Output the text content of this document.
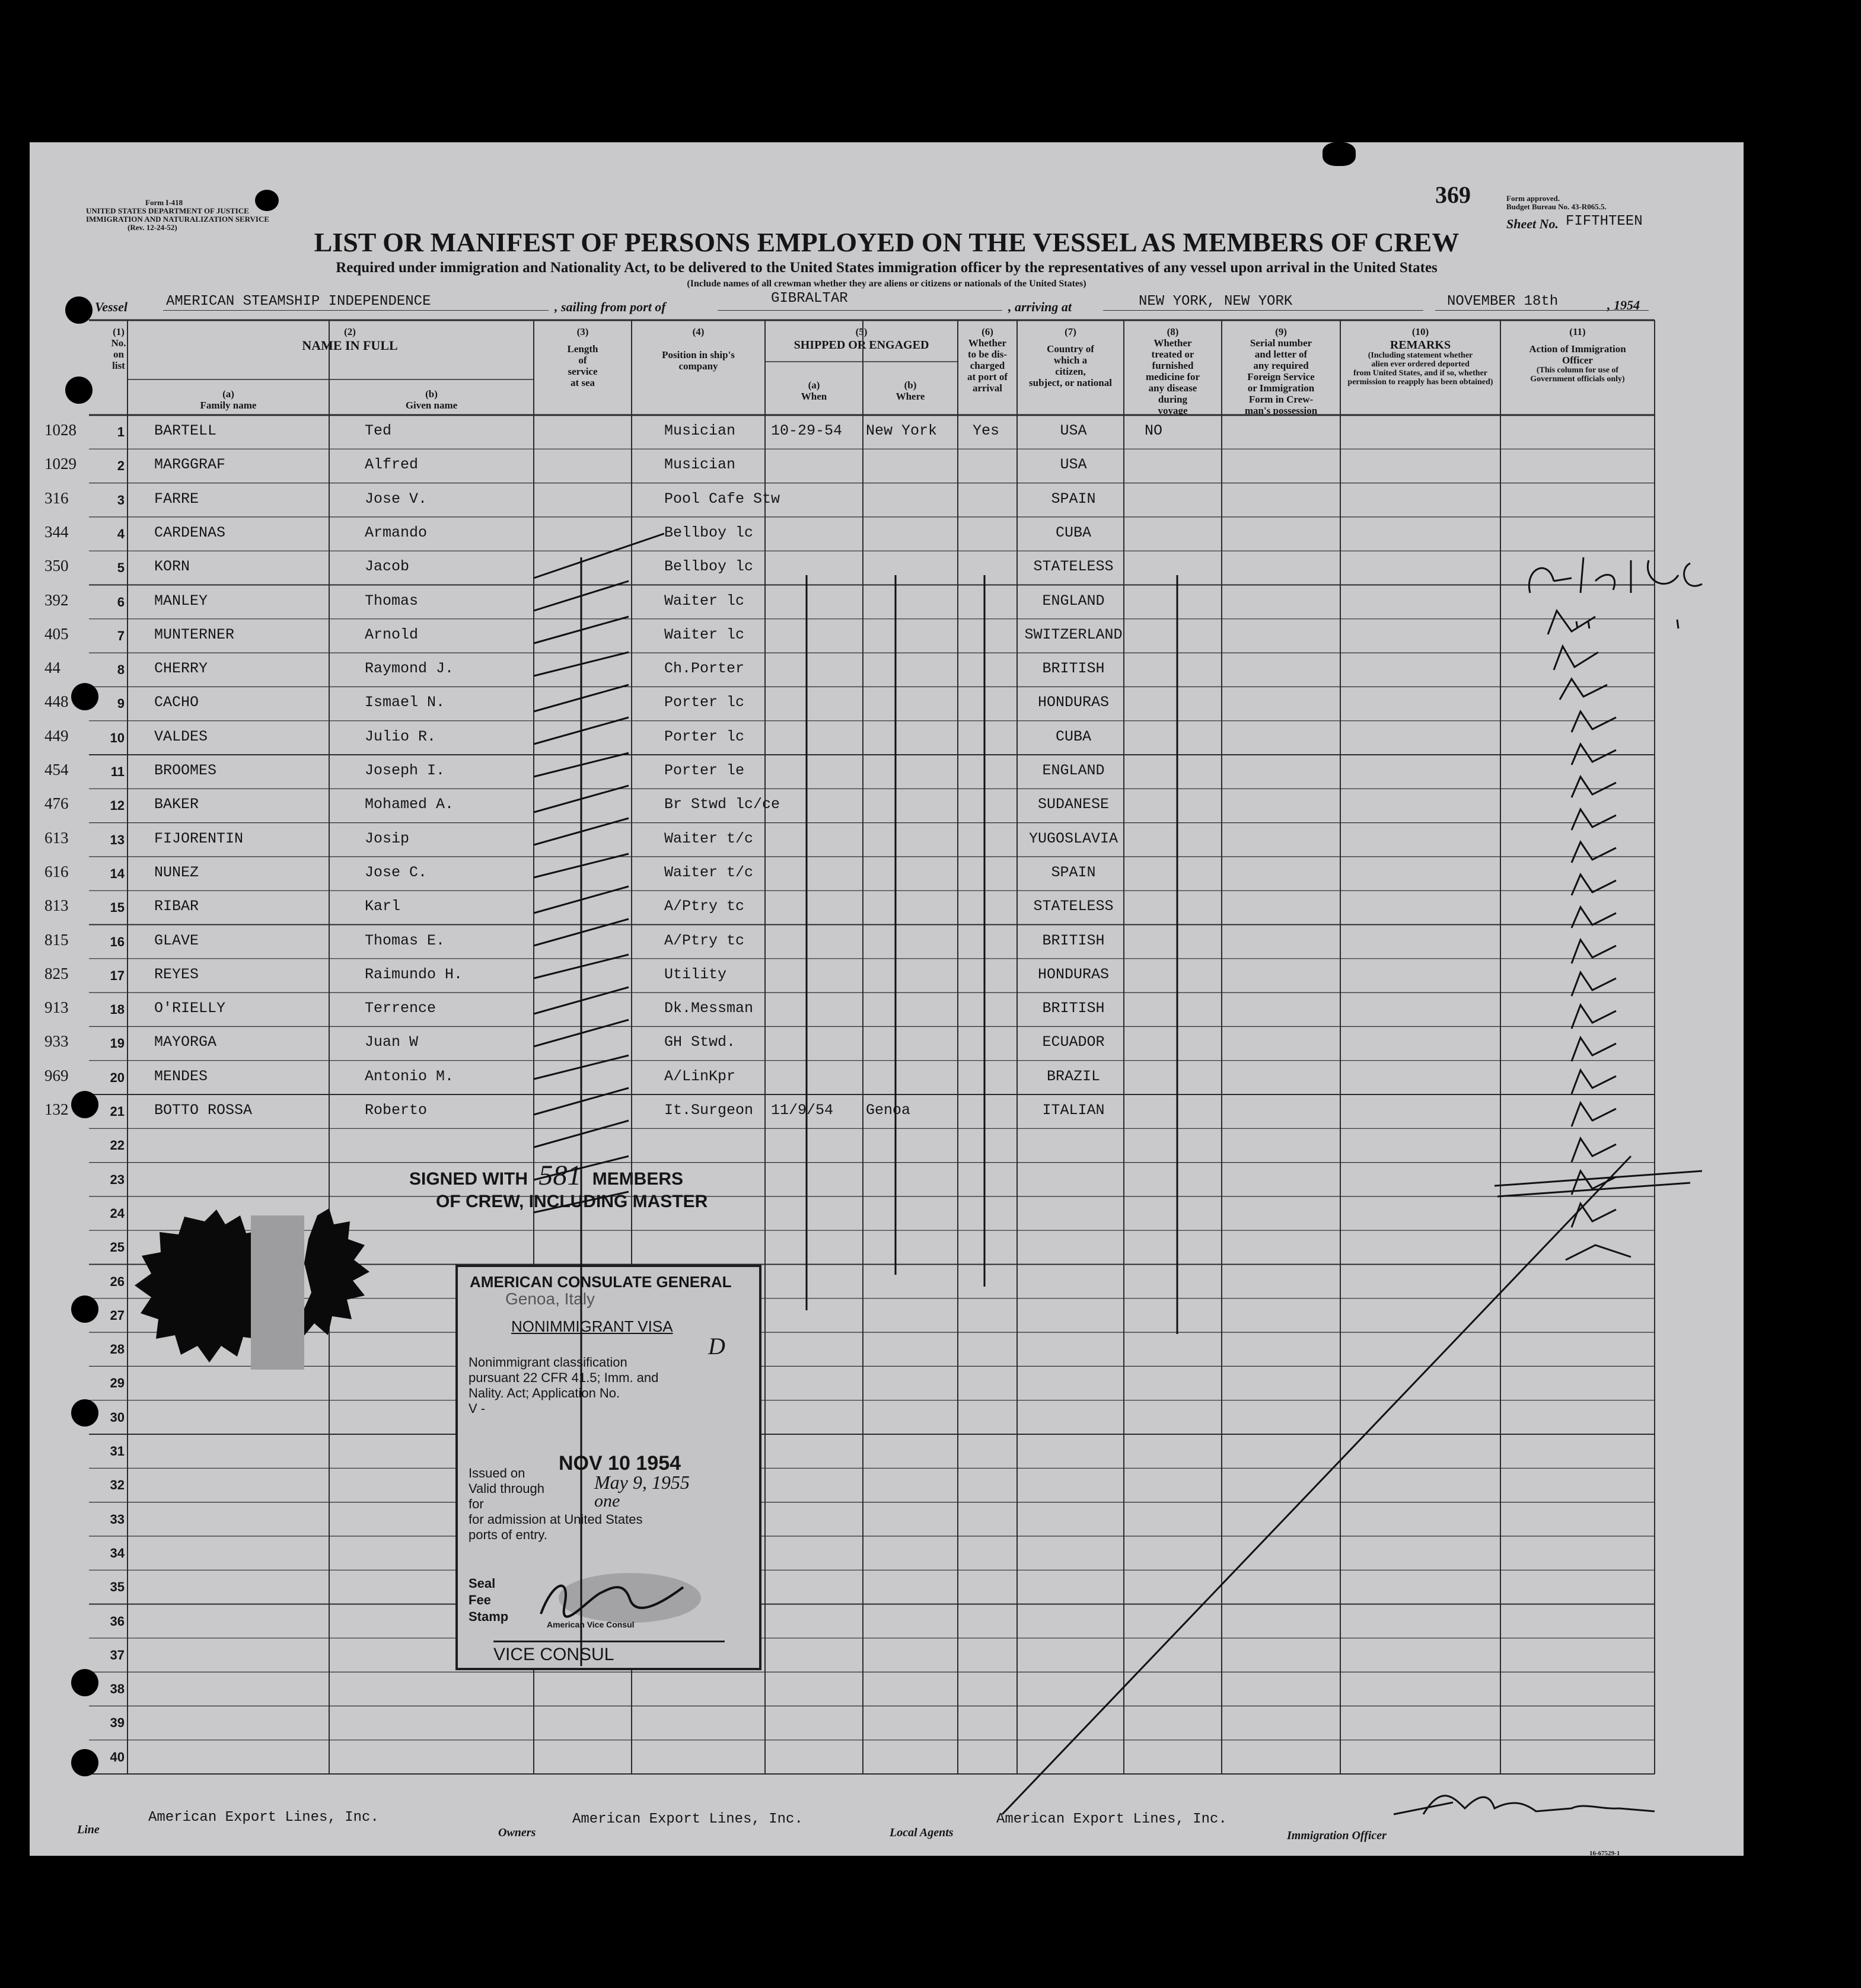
Form I-418
UNITED STATES DEPARTMENT OF JUSTICE
IMMIGRATION AND NATURALIZATION SERVICE
(Rev. 12-24-52)
369	Form approved.
Budget Bureau No. 43-R065.5.
Sheet No. FIFTHTEEN
LIST OR MANIFEST OF PERSONS EMPLOYED ON THE VESSEL AS MEMBERS OF CREW
Required under immigration and Nationality Act, to be delivered to the United States immigration officer by the representatives of any vessel upon arrival in the United States
(Include names of all crewman whether they are aliens or citizens or nationals of the United States)
Vessel	AMERICAN STEAMSHIP INDEPENDENCE	, sailing from port of
GIBRALTAR
, arriving at	NEW YORK, NEW YORK	NOVEMBER 18th	, 1954
(1)
No.
on
list
(2)
NAME IN FULL
(a)
Family name
(b)
Given name
(3)
Length
of
service
at sea
(4)
Position in ship's
company
(5)
SHIPPED OR ENGAGED
(a)
When
(b)
Where
(6)
Whether
to be dis-
charged
at port of
arrival
(7)
Country of
which a
citizen,
subject, or national
(8)
Whether
treated or
furnished
medicine for
any disease
during
voyage
(9)
Serial number
and letter of
any required
Foreign Service
or Immigration
Form in Crew-
man's possession
(10)
REMARKS
(Including statement whether
alien ever ordered deported
from United States, and if so, whether
permission to reapply has been obtained)
(11)
Action of Immigration
Officer
(This column for use of
Government officials only)
1028	1 BARTELL	Ted	Musician 10-29-54 New York Yes	USA	NO
1029	2 MARGGRAF	Alfred	Musician	USA
316	3 FARRE	Jose V.	Pool Cafe Stw	SPAIN
344	4 CARDENAS	Armando	Bellboy lc	CUBA
350	5 KORN	Jacob	Bellboy lc	STATELESS
392	6 MANLEY	Thomas	Waiter lc	ENGLAND
405	7 MUNTERNER	Arnold	Waiter lc	SWITZERLAND
44	8 CHERRY	Raymond J.	Ch.Porter	BRITISH
448	9 CACHO	Ismael N.	Porter lc	HONDURAS
449	10 VALDES	Julio R.	Porter lc	CUBA
454	11 BROOMES	Joseph I.	Porter le	ENGLAND
476	12 BAKER	Mohamed A.	Br Stwd lc/ce	SUDANESE
613	13 FIJORENTIN	Josip	Waiter t/c	YUGOSLAVIA
616	14 NUNEZ	Jose C.	Waiter t/c	SPAIN
813	15 RIBAR	Karl	A/Ptry tc	STATELESS
815	16 GLAVE	Thomas E.	A/Ptry tc	BRITISH
825	17 REYES	Raimundo H.	Utility	HONDURAS
913	18 O'RIELLY	Terrence	Dk.Messman	BRITISH
933	19 MAYORGA	Juan W	GH Stwd.	ECUADOR
969	20 MENDES	Antonio M.	A/LinKpr	BRAZIL
132	21 BOTTO ROSSA	Roberto	It.Surgeon 11/9/54 Genoa	ITALIAN
22
23
24
25
26
27
28
29
30
31
32
33
34
35
36
37
38
39
40
SIGNED WITH 581 MEMBERS
OF CREW, INCLUDING MASTER
AMERICAN CONSULATE GENERAL
Genoa, Italy
NONIMMIGRANT VISA
D
Nonimmigrant classification
pursuant 22 CFR 41.5; Imm. and
Nality. Act; Application No.
V -
NOV 10 1954
Issued on
Valid through
for
for admission at United States
ports of entry.
May 9, 1955
one
Seal
Fee
Stamp
American Vice Consul
VICE CONSUL
Line
American Export Lines, Inc.
Owners
American Export Lines, Inc.
Local Agents
American Export Lines, Inc.
Immigration Officer
16-67529-1
